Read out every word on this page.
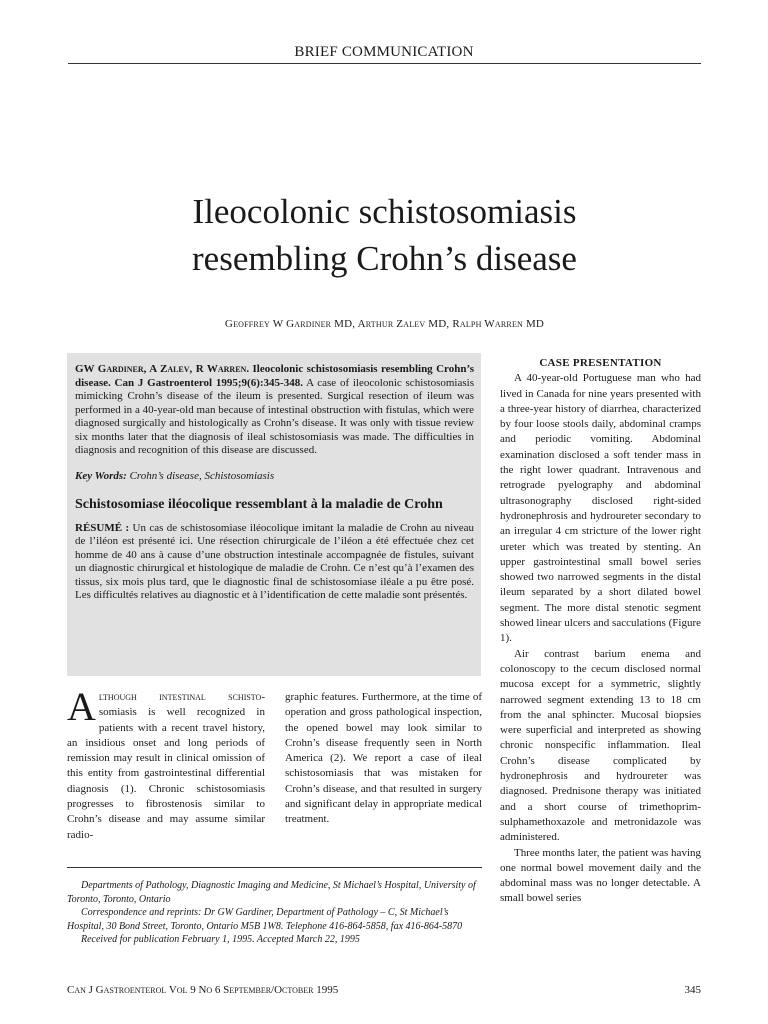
BRIEF COMMUNICATION
Ileocolonic schistosomiasis
resembling Crohn’s disease
Geoffrey W Gardiner MD, Arthur Zalev MD, Ralph Warren MD

GW Gardiner, A Zalev, R Warren. Ileocolonic schistosomiasis resembling Crohn’s disease. Can J Gastroenterol 1995;9(6):345-348. A case of ileocolonic schistosomiasis mimicking Crohn’s disease of the ileum is presented. Surgical resection of ileum was performed in a 40-year-old man because of intestinal obstruction with fistulas, which were diagnosed surgically and histologically as Crohn’s disease. It was only with tissue review six months later that the diagnosis of ileal schistosomiasis was made. The difficulties in diagnosis and recognition of this disease are discussed.

Key Words: Crohn’s disease, Schistosomiasis

Schistosomiase iléocolique ressemblant à la maladie de Crohn

RÉSUMÉ : Un cas de schistosomiase iléocolique imitant la maladie de Crohn au niveau de l’iléon est présenté ici. Une résection chirurgicale de l’iléon a été effectuée chez cet homme de 40 ans à cause d’une obstruction intestinale accompagnée de fistules, suivant un diagnostic chirurgical et histologique de maladie de Crohn. Ce n’est qu’à l’examen des tissus, six mois plus tard, que le diagnostic final de schistosomiase iléale a pu être posé. Les difficultés relatives au diagnostic et à l’identification de cette maladie sont présentés.

Although intestinal schisto- somiasis is well recognized in patients with a recent travel history, an insidious onset and long periods of remission may result in clinical omission of this entity from gastrointestinal differential diagnosis (1). Chronic schistosomiasis progresses to fibrostenosis similar to Crohn’s disease and may assume similar radio-

graphic features. Furthermore, at the time of operation and gross pathological inspection, the opened bowel may look similar to Crohn’s disease frequently seen in North America (2). We report a case of ileal schistosomiasis that was mistaken for Crohn’s disease, and that resulted in surgery and significant delay in appropriate medical treatment.

CASE PRESENTATION

A 40-year-old Portuguese man who had lived in Canada for nine years presented with a three-year history of diarrhea, characterized by four loose stools daily, abdominal cramps and periodic vomiting. Abdominal examination disclosed a soft tender mass in the right lower quadrant. Intravenous and retrograde pyelography and abdominal ultrasonography disclosed right-sided hydronephrosis and hydroureter secondary to an irregular 4 cm stricture of the lower right ureter which was treated by stenting. An upper gastrointestinal small bowel series showed two narrowed segments in the distal ileum separated by a short dilated bowel segment. The more distal stenotic segment showed linear ulcers and sacculations (Figure 1).

Air contrast barium enema and colonoscopy to the cecum disclosed normal mucosa except for a symmetric, slightly narrowed segment extending 13 to 18 cm from the anal sphincter. Mucosal biopsies were superficial and interpreted as showing chronic nonspecific inflammation. Ileal Crohn’s disease complicated by hydronephrosis and hydroureter was diagnosed. Prednisone therapy was initiated and a short course of trimethoprim-sulphamethoxazole and metronidazole was administered.

Three months later, the patient was having one normal bowel movement daily and the abdominal mass was no longer detectable. A small bowel series

Departments of Pathology, Diagnostic Imaging and Medicine, St Michael’s Hospital, University of Toronto, Toronto, Ontario

Correspondence and reprints: Dr GW Gardiner, Department of Pathology – C, St Michael’s Hospital, 30 Bond Street, Toronto, Ontario M5B 1W8. Telephone 416-864-5858, fax 416-864-5870

Received for publication February 1, 1995. Accepted March 22, 1995

Can J Gastroenterol Vol 9 No 6 September/October 1995	345
